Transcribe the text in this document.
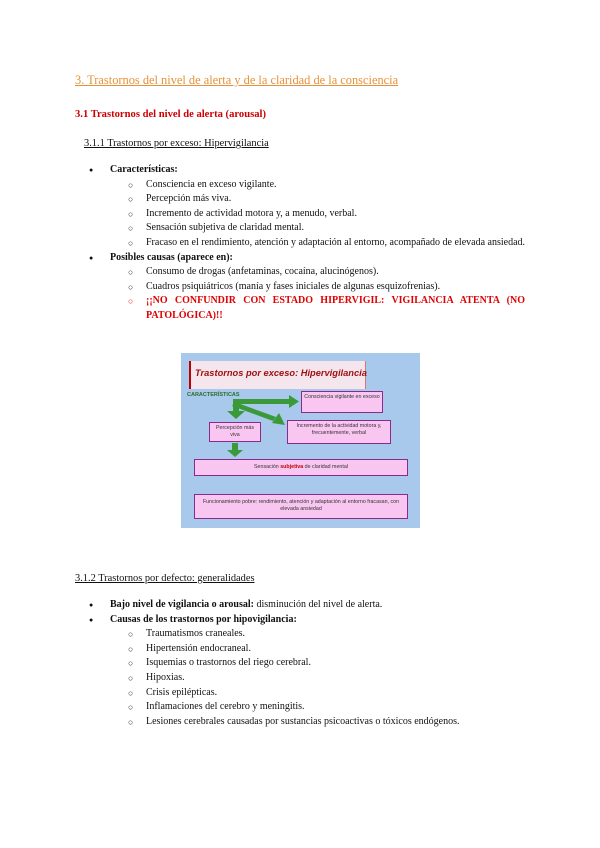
3. Trastornos del nivel de alerta y de la claridad de la consciencia
3.1 Trastornos del nivel de alerta (arousal)
3.1.1 Trastornos por exceso: Hipervigilancia
● Características:
○ Consciencia en exceso vigilante.
○ Percepción más viva.
○ Incremento de actividad motora y, a menudo, verbal.
○ Sensación subjetiva de claridad mental.
○ Fracaso en el rendimiento, atención y adaptación al entorno, acompañado de elevada ansiedad.
● Posibles causas (aparece en):
○ Consumo de drogas (anfetaminas, cocaína, alucinógenos).
○ Cuadros psiquiátricos (manía y fases iniciales de algunas esquizofrenias).
○ ¡¡NO CONFUNDIR CON ESTADO HIPERVIGIL: VIGILANCIA ATENTA (NO PATOLÓGICA)!!
Trastornos por exceso: Hipervigilancia
CARACTERÍSTICAS	Consciencia vigilante en exceso
Percepción más viva
Incremento de la actividad motora y, frecuentemente, verbal
Sensación subjetiva de claridad mental
Funcionamiento pobre: rendimiento, atención y adaptación al entorno fracasan, con elevada ansiedad
3.1.2 Trastornos por defecto: generalidades
● Bajo nivel de vigilancia o arousal: disminución del nivel de alerta.
● Causas de los trastornos por hipovigilancia:
○ Traumatismos craneales.
○ Hipertensión endocraneal.
○ Isquemias o trastornos del riego cerebral.
○ Hipoxias.
○ Crisis epilépticas.
○ Inflamaciones del cerebro y meningitis.
○ Lesiones cerebrales causadas por sustancias psicoactivas o tóxicos endógenos.
